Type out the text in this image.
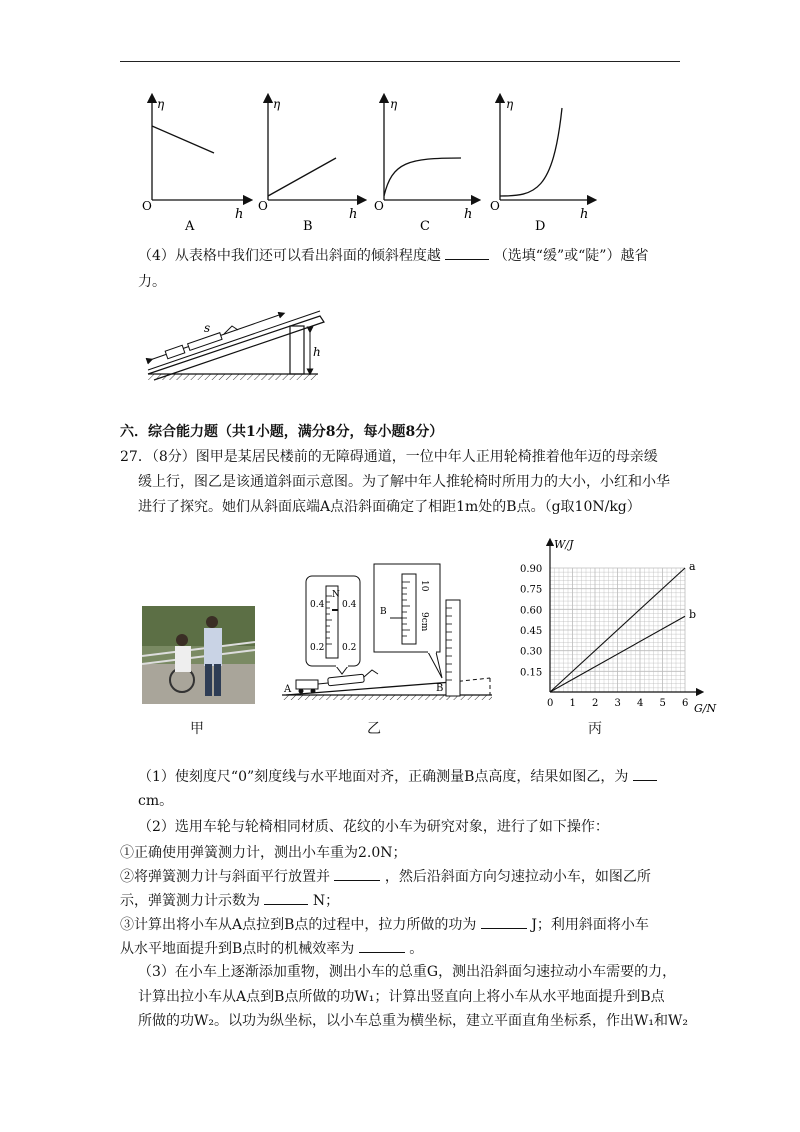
η
O
h
A
η
O
h
B
η
O
h
C
η
O
h
D
（4）从表格中我们还可以看出斜面的倾斜程度越	（选填“缓”或“陡”）越省
力。
s
h
六．综合能力题（共1小题，满分8分，每小题8分）
27．（8分）图甲是某居民楼前的无障碍通道，一位中年人正用轮椅推着他年迈的母亲缓
缓上行，图乙是该通道斜面示意图。为了解中年人推轮椅时所用力的大小，小红和小华
进行了探究。她们从斜面底端A点沿斜面确定了相距1m处的B点。（g取10N/kg）
甲
A	B
0.4
N
0.4
0.2 0.2
B
10
9cm
乙
0 1 2 3 4 5 6
0.15
0.30
0.45
0.60
0.75
0.90
W/J
G/N
a
b
丙
（1）使刻度尺“0”刻度线与水平地面对齐，正确测量B点高度，结果如图乙，为
cm。
（2）选用车轮与轮椅相同材质、花纹的小车为研究对象，进行了如下操作：
①正确使用弹簧测力计，测出小车重为2.0N；
②将弹簧测力计与斜面平行放置并	，然后沿斜面方向匀速拉动小车，如图乙所
示，弹簧测力计示数为	N；
③计算出将小车从A点拉到B点的过程中，拉力所做的功为	J；利用斜面将小车
从水平地面提升到B点时的机械效率为	。
（3）在小车上逐渐添加重物，测出小车的总重G，测出沿斜面匀速拉动小车需要的力，
计算出拉小车从A点到B点所做的功W₁；计算出竖直向上将小车从水平地面提升到B点
所做的功W₂。以功为纵坐标，以小车总重为横坐标，建立平面直角坐标系，作出W₁和W₂
